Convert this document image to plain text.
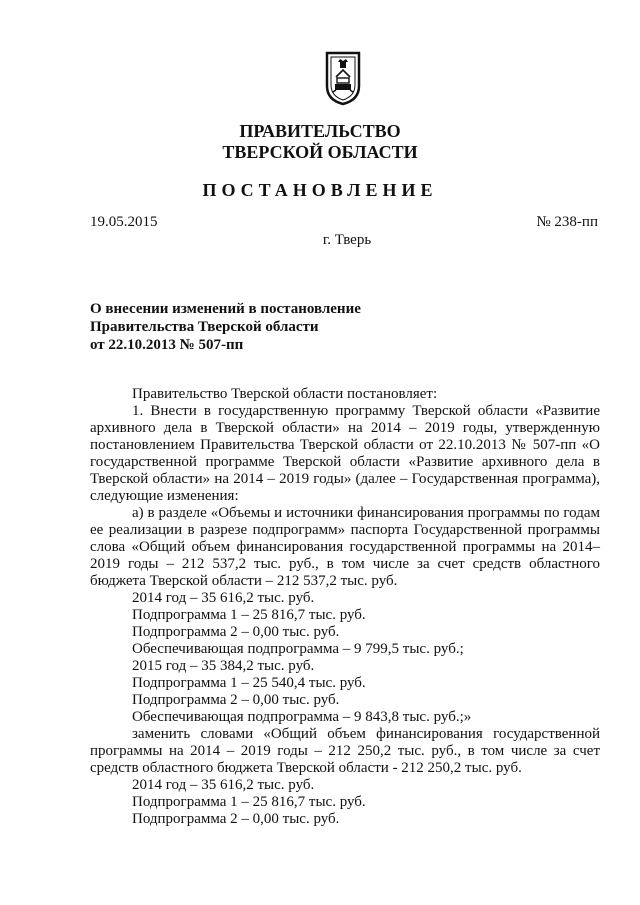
ПРАВИТЕЛЬСТВО
ТВЕРСКОЙ ОБЛАСТИ
ПОСТАНОВЛЕНИЕ
19.05.2015	№ 238-пп
г. Тверь
О внесении изменений в постановление
Правительства Тверской области
от 22.10.2013 № 507-пп
Правительство Тверской области постановляет:
1. Внести в государственную программу Тверской области «Развитие архивного дела в Тверской области» на 2014 – 2019 годы, утвержденную постановлением Правительства Тверской области от 22.10.2013 № 507-пп «О государственной программе Тверской области «Развитие архивного дела в Тверской области» на 2014 – 2019 годы» (далее – Государственная программа), следующие изменения:
а) в разделе «Объемы и источники финансирования программы по годам ее реализации в разрезе подпрограмм» паспорта Государственной программы слова «Общий объем финансирования государственной программы на 2014– 2019 годы – 212 537,2 тыс. руб., в том числе за счет средств областного бюджета Тверской области – 212 537,2 тыс. руб.
2014 год – 35 616,2 тыс. руб.
Подпрограмма 1 – 25 816,7 тыс. руб.
Подпрограмма 2 – 0,00 тыс. руб.
Обеспечивающая подпрограмма – 9 799,5 тыс. руб.;
2015 год – 35 384,2 тыс. руб.
Подпрограмма 1 – 25 540,4 тыс. руб.
Подпрограмма 2 – 0,00 тыс. руб.
Обеспечивающая подпрограмма – 9 843,8 тыс. руб.;»
заменить словами «Общий объем финансирования государственной программы на 2014 – 2019 годы – 212 250,2 тыс. руб., в том числе за счет средств областного бюджета Тверской области - 212 250,2 тыс. руб.
2014 год – 35 616,2 тыс. руб.
Подпрограмма 1 – 25 816,7 тыс. руб.
Подпрограмма 2 – 0,00 тыс. руб.
